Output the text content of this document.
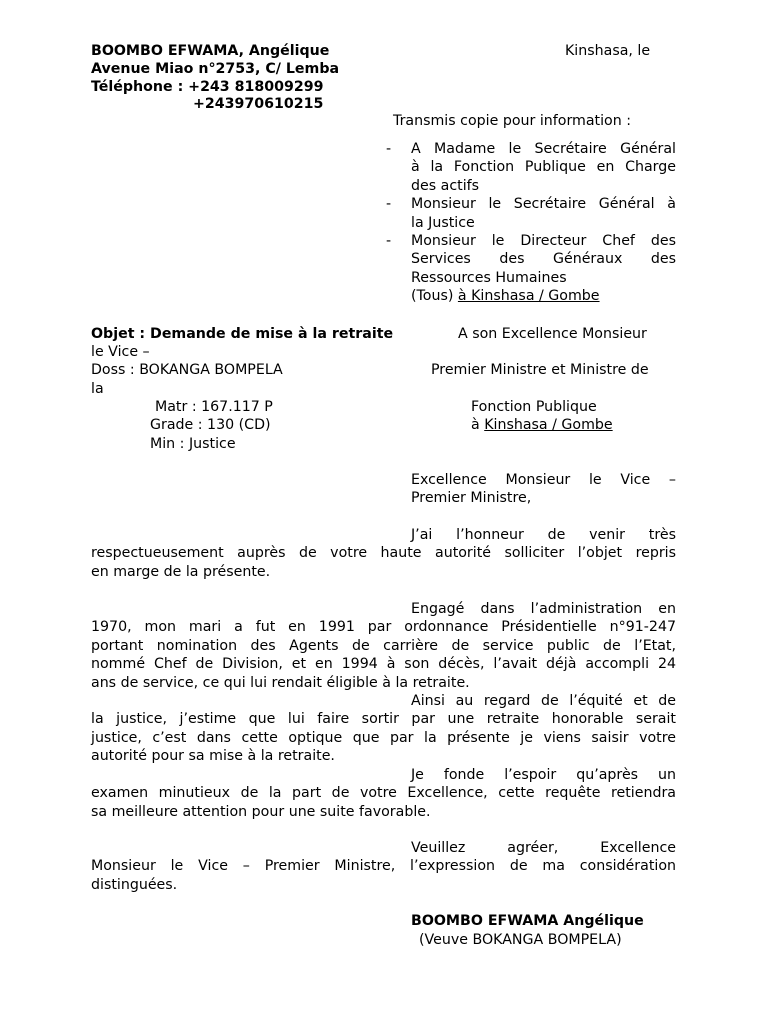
BOOMBO EFWAMA, Angélique
Avenue Miao n°2753, C/ Lemba
Téléphone : +243 818009299
+243970610215
Kinshasa, le
Transmis copie pour information :
- A Madame le Secrétaire Général
à la Fonction Publique en Charge
des actifs
- Monsieur le Secrétaire Général à
la Justice
- Monsieur le Directeur Chef des
Services des Généraux des
Ressources Humaines
(Tous) à Kinshasa / Gombe
Objet : Demande de mise à la retraite
Doss : BOKANGA BOMPELA
Matr : 167.117 P
Grade : 130 (CD)
Min : Justice
A son Excellence Monsieur
le Vice –
Premier Ministre et Ministre de
la
Fonction Publique
à Kinshasa / Gombe
Excellence Monsieur le Vice –
Premier Ministre,
J’ai l’honneur de venir très
respectueusement auprès de votre haute autorité solliciter l’objet repris
en marge de la présente.
Engagé dans l’administration en
1970, mon mari a fut en 1991 par ordonnance Présidentielle n°91-247
portant nomination des Agents de carrière de service public de l’Etat,
nommé Chef de Division, et en 1994 à son décès, l’avait déjà accompli 24
ans de service, ce qui lui rendait éligible à la retraite.
Ainsi au regard de l’équité et de
la justice, j’estime que lui faire sortir par une retraite honorable serait
justice, c’est dans cette optique que par la présente je viens saisir votre
autorité pour sa mise à la retraite.
Je fonde l’espoir qu’après un
examen minutieux de la part de votre Excellence, cette requête retiendra
sa meilleure attention pour une suite favorable.
Veuillez agréer, Excellence
Monsieur le Vice – Premier Ministre, l’expression de ma considération
distinguées.
BOOMBO EFWAMA Angélique
(Veuve BOKANGA BOMPELA)
